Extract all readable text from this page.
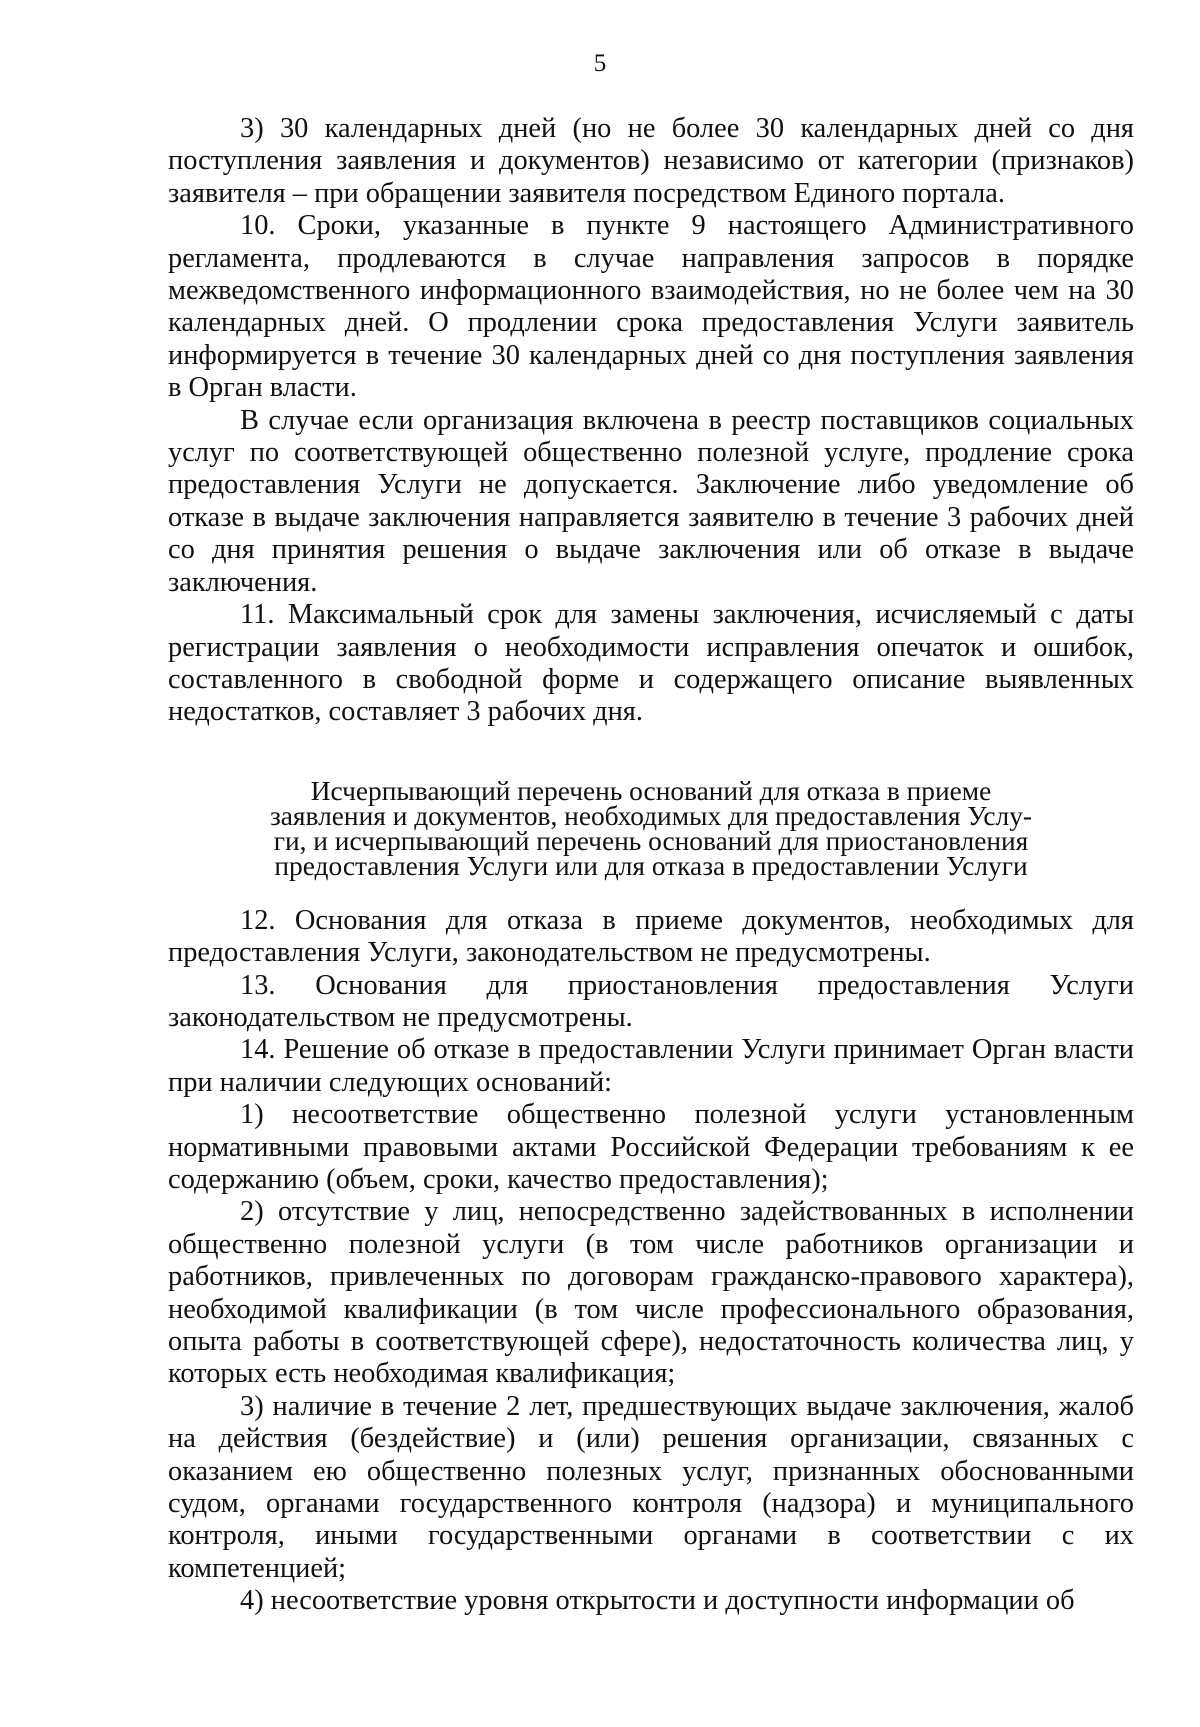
5

3) 30 календарных дней (но не более 30 календарных дней со дня поступления заявления и документов) независимо от категории (признаков) заявителя – при обращении заявителя посредством Единого портала.

10. Сроки, указанные в пункте 9 настоящего Административного регламента, продлеваются в случае направления запросов в порядке межведомственного информационного взаимодействия, но не более чем на 30 календарных дней. О продлении срока предоставления Услуги заявитель информируется в течение 30 календарных дней со дня поступления заявления в Орган власти.

В случае если организация включена в реестр поставщиков социальных услуг по соответствующей общественно полезной услуге, продление срока предоставления Услуги не допускается. Заключение либо уведомление об отказе в выдаче заключения направляется заявителю в течение 3 рабочих дней со дня принятия решения о выдаче заключения или об отказе в выдаче заключения.

11. Максимальный срок для замены заключения, исчисляемый с даты регистрации заявления о необходимости исправления опечаток и ошибок, составленного в свободной форме и содержащего описание выявленных недостатков, составляет 3 рабочих дня.

Исчерпывающий перечень оснований для отказа в приеме
заявления и документов, необходимых для предоставления Услу-
ги, и исчерпывающий перечень оснований для приостановления
предоставления Услуги или для отказа в предоставлении Услуги

12. Основания для отказа в приеме документов, необходимых для предоставления Услуги, законодательством не предусмотрены.

13. Основания для приостановления предоставления Услуги законодательством не предусмотрены.

14. Решение об отказе в предоставлении Услуги принимает Орган власти при наличии следующих оснований:

1) несоответствие общественно полезной услуги установленным нормативными правовыми актами Российской Федерации требованиям к ее содержанию (объем, сроки, качество предоставления);

2) отсутствие у лиц, непосредственно задействованных в исполнении общественно полезной услуги (в том числе работников организации и работников, привлеченных по договорам гражданско-правового характера), необходимой квалификации (в том числе профессионального образования, опыта работы в соответствующей сфере), недостаточность количества лиц, у которых есть необходимая квалификация;

3) наличие в течение 2 лет, предшествующих выдаче заключения, жалоб на действия (бездействие) и (или) решения организации, связанных с оказанием ею общественно полезных услуг, признанных обоснованными судом, органами государственного контроля (надзора) и муниципального контроля, иными государственными органами в соответствии с их компетенцией;

4) несоответствие уровня открытости и доступности информации об
